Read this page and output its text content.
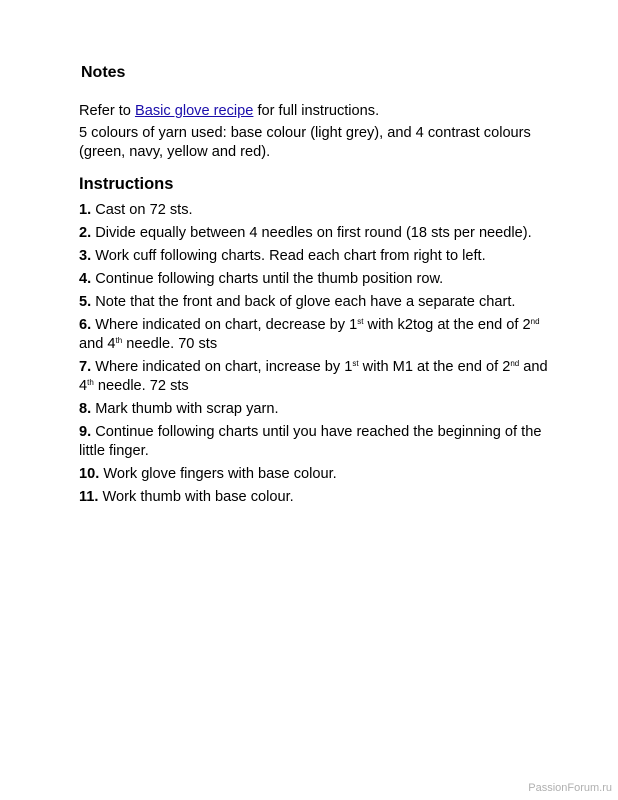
Notes

Refer to Basic glove recipe for full instructions.

5 colours of yarn used: base colour (light grey), and 4 contrast colours (green, navy, yellow and red).

Instructions
1. Cast on 72 sts.
2. Divide equally between 4 needles on first round (18 sts per needle).
3. Work cuff following charts. Read each chart from right to left.
4. Continue following charts until the thumb position row.
5. Note that the front and back of glove each have a separate chart.
6. Where indicated on chart, decrease by 1st with k2tog at the end of 2nd and 4th needle. 70 sts
7. Where indicated on chart, increase by 1st with M1 at the end of 2nd and 4th needle. 72 sts
8. Mark thumb with scrap yarn.
9. Continue following charts until you have reached the beginning of the little finger.
10. Work glove fingers with base colour.
11. Work thumb with base colour.
PassionForum.ru
